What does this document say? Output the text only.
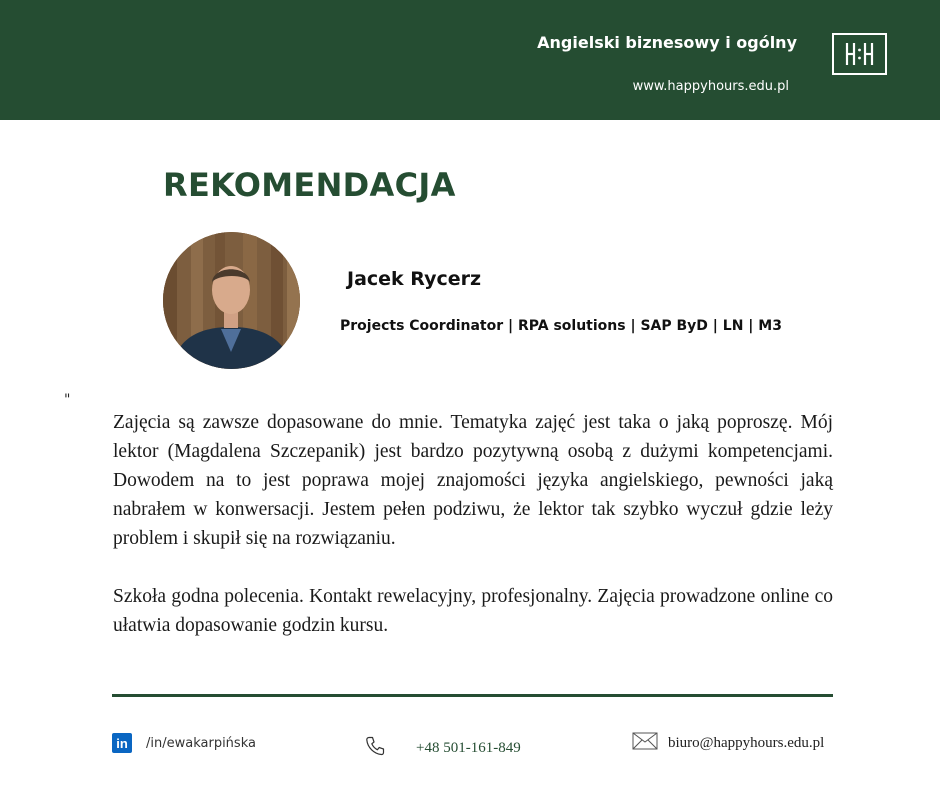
Angielski biznesowy i ogólny
www.happyhours.edu.pl
REKOMENDACJA
Jacek Rycerz
Projects Coordinator | RPA solutions | SAP ByD | LN | M3
"

Zajęcia są zawsze dopasowane do mnie. Tematyka zajęć jest taka o jaką poproszę. Mój lektor (Magdalena Szczepanik) jest bardzo pozytywną osobą z dużymi kompetencjami. Dowodem na to jest poprawa mojej znajomości języka angielskiego, pewności jaką nabrałem w konwersacji. Jestem pełen podziwu, że lektor tak szybko wyczuł gdzie leży problem i skupił się na rozwiązaniu.

Szkoła godna polecenia. Kontakt rewelacyjny, profesjonalny. Zajęcia prowadzone online co ułatwia dopasowanie godzin kursu.

in	/in/ewakarpińska	+48 501-161-849	biuro@happyhours.edu.pl
